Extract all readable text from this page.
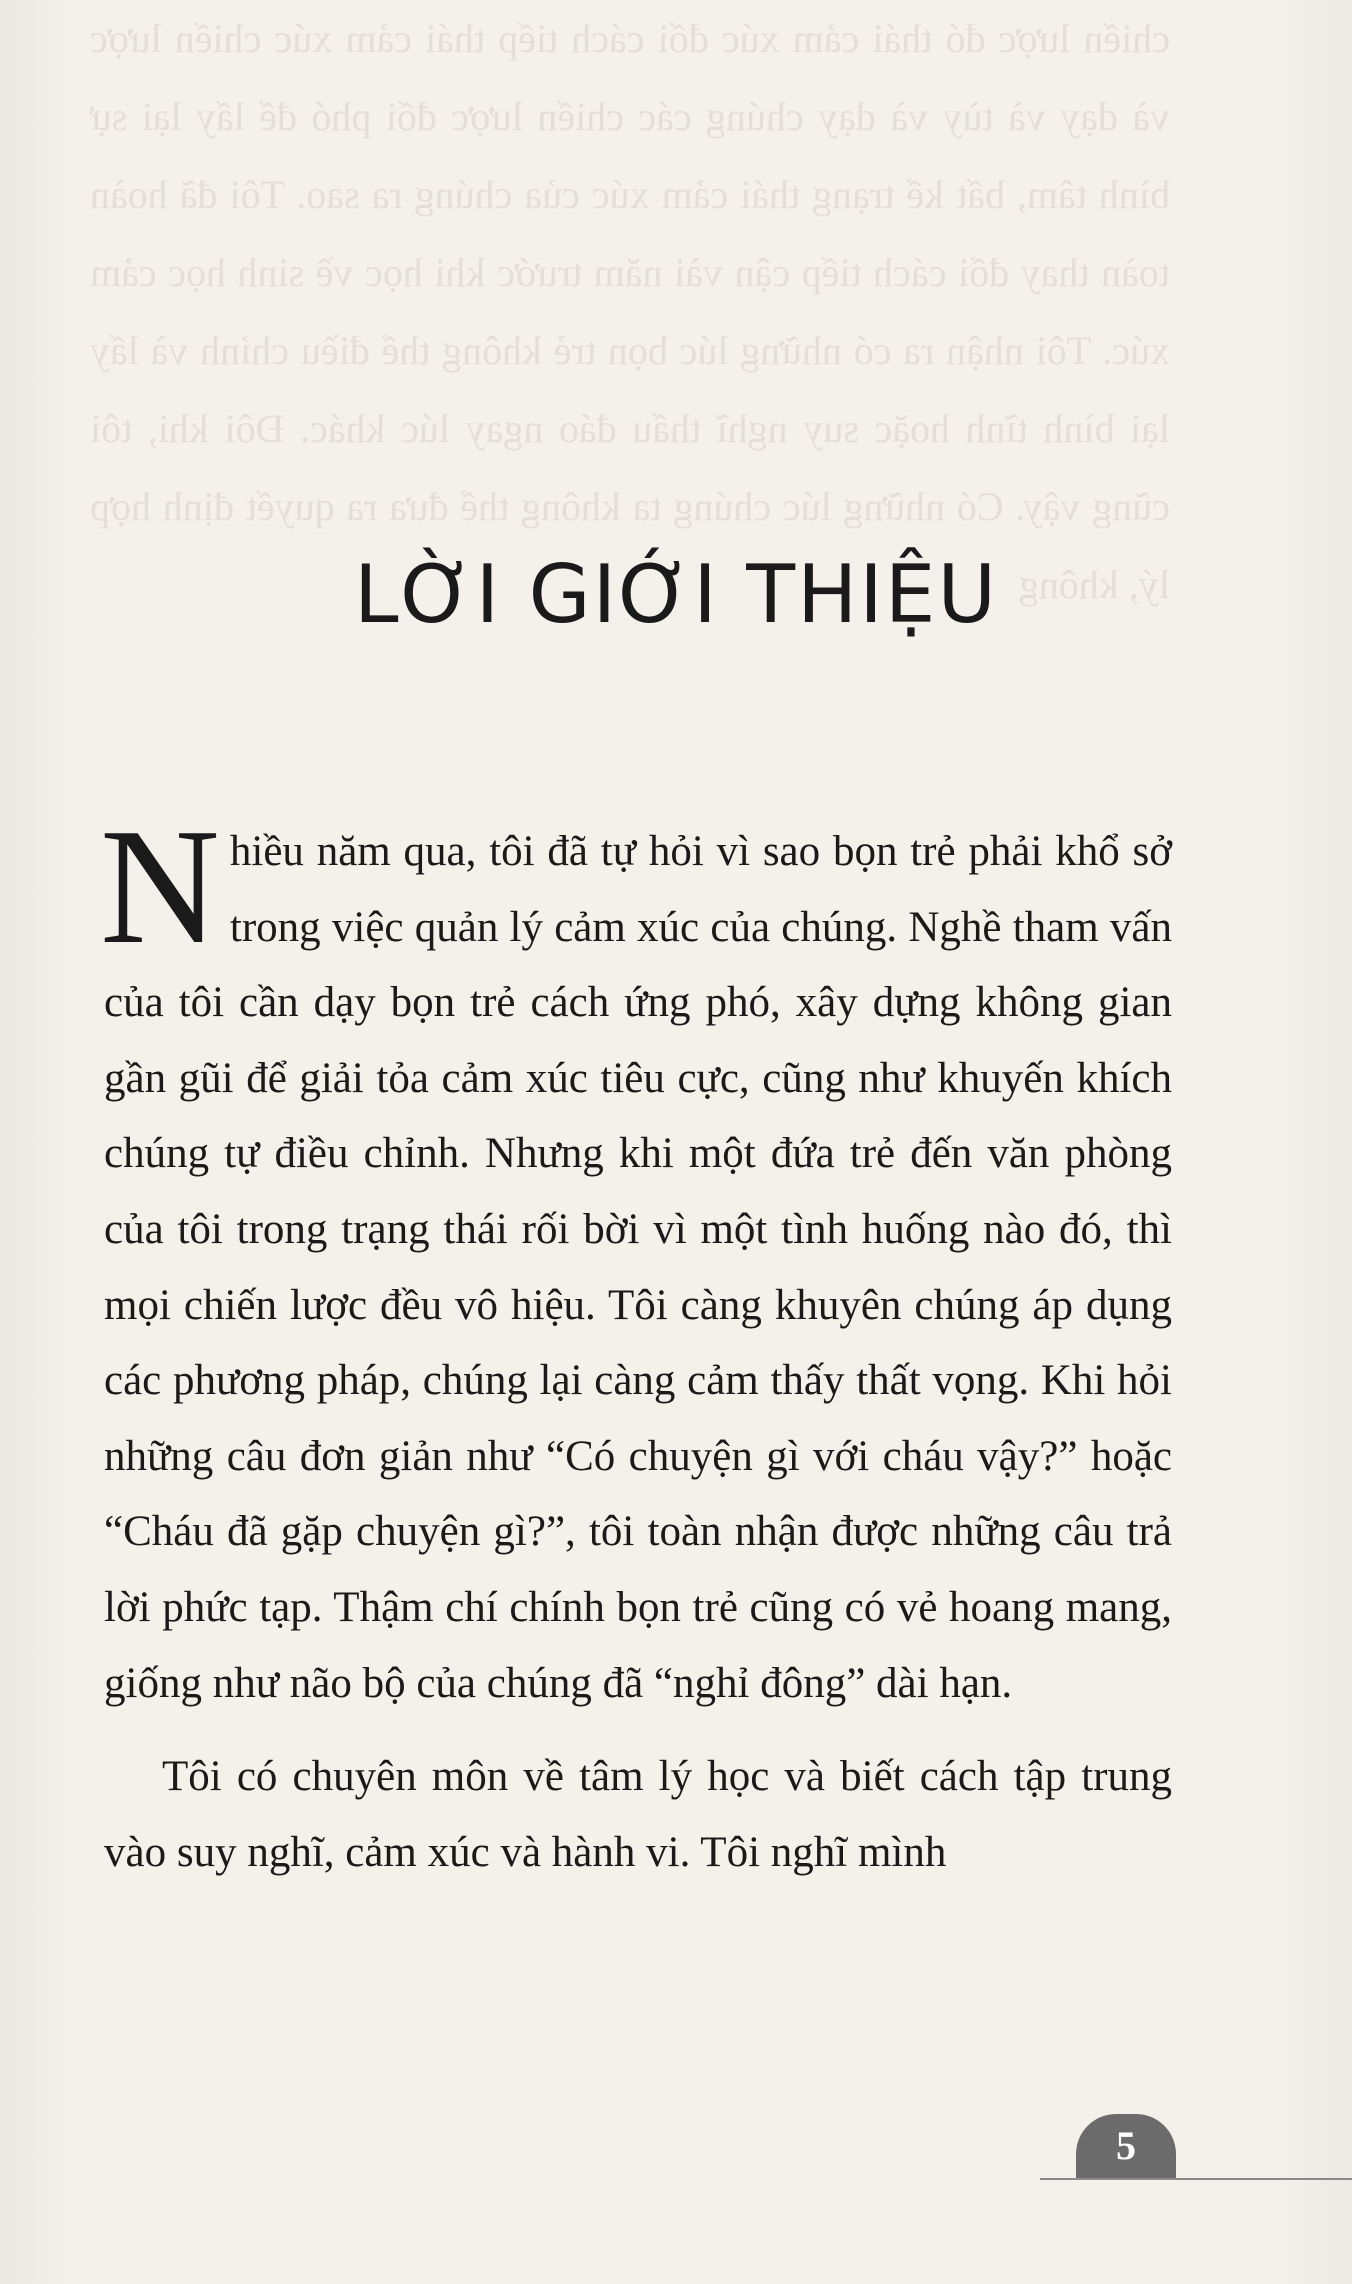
chiến lược đó thái cảm xúc đối cách tiếp thái cảm xúc chiến lược và dạy và tùy và dạy chúng các chiến lược đối phó để lấy lại sự bình tâm, bất kể trạng thái cảm xúc của chúng ra sao. Tôi đã hoàn toàn thay đổi cách tiếp cận vài năm trước khi học về sinh học cảm xúc. Tôi nhận ra có những lúc bọn trẻ không thể điều chỉnh và lấy lại bình tĩnh hoặc suy nghĩ thấu đáo ngay lúc khác. Đôi khi, tôi cũng vậy. Có những lúc chúng ta không thể đưa ra quyết định hợp lý, không
LỜI GIỚI THIỆU

Nhiều năm qua, tôi đã tự hỏi vì sao bọn trẻ phải khổ sở trong việc quản lý cảm xúc của chúng. Nghề tham vấn của tôi cần dạy bọn trẻ cách ứng phó, xây dựng không gian gần gũi để giải tỏa cảm xúc tiêu cực, cũng như khuyến khích chúng tự điều chỉnh. Nhưng khi một đứa trẻ đến văn phòng của tôi trong trạng thái rối bời vì một tình huống nào đó, thì mọi chiến lược đều vô hiệu. Tôi càng khuyên chúng áp dụng các phương pháp, chúng lại càng cảm thấy thất vọng. Khi hỏi những câu đơn giản như “Có chuyện gì với cháu vậy?” hoặc “Cháu đã gặp chuyện gì?”, tôi toàn nhận được những câu trả lời phức tạp. Thậm chí chính bọn trẻ cũng có vẻ hoang mang, giống như não bộ của chúng đã “nghỉ đông” dài hạn.

Tôi có chuyên môn về tâm lý học và biết cách tập trung vào suy nghĩ, cảm xúc và hành vi. Tôi nghĩ mình

5
